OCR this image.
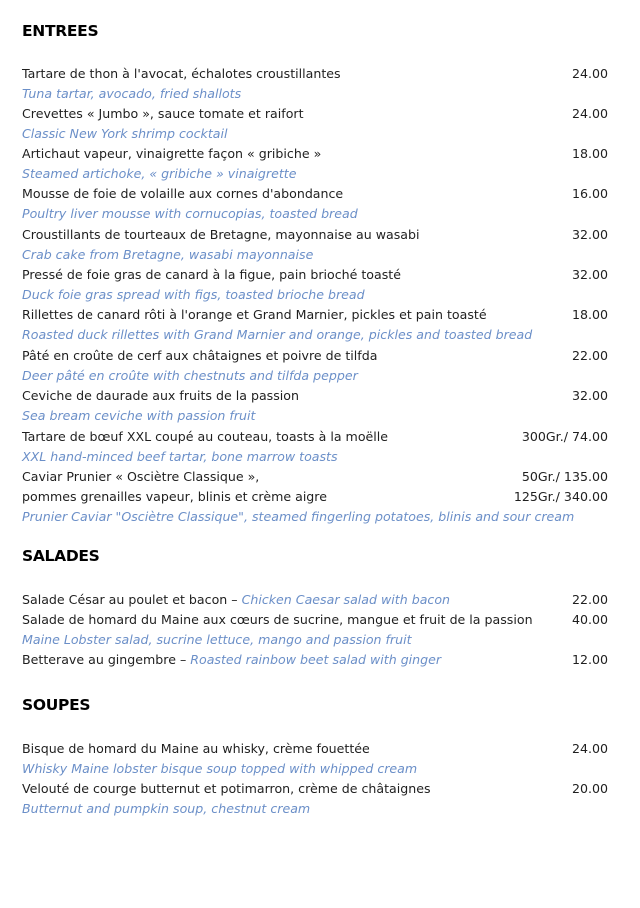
ENTREES
Tartare de thon à l'avocat, échalotes croustillantes	24.00
Tuna tartar, avocado, fried shallots
Crevettes « Jumbo », sauce tomate et raifort	24.00
Classic New York shrimp cocktail
Artichaut vapeur, vinaigrette façon « gribiche »	18.00
Steamed artichoke, « gribiche » vinaigrette
Mousse de foie de volaille aux cornes d'abondance	16.00
Poultry liver mousse with cornucopias, toasted bread
Croustillants de tourteaux de Bretagne, mayonnaise au wasabi	32.00
Crab cake from Bretagne, wasabi mayonnaise
Pressé de foie gras de canard à la figue, pain brioché toasté	32.00
Duck foie gras spread with figs, toasted brioche bread
Rillettes de canard rôti à l'orange et Grand Marnier, pickles et pain toasté	18.00
Roasted duck rillettes with Grand Marnier and orange, pickles and toasted bread
Pâté en croûte de cerf aux châtaignes et poivre de tilfda	22.00
Deer pâté en croûte with chestnuts and tilfda pepper
Ceviche de daurade aux fruits de la passion	32.00
Sea bream ceviche with passion fruit
Tartare de bœuf XXL coupé au couteau, toasts à la moëlle	300Gr./ 74.00
XXL hand-minced beef tartar, bone marrow toasts
Caviar Prunier « Osciètre Classique »,	50Gr./ 135.00
pommes grenailles vapeur, blinis et crème aigre	125Gr./ 340.00
Prunier Caviar "Osciètre Classique", steamed fingerling potatoes, blinis and sour cream
SALADES
Salade César au poulet et bacon – Chicken Caesar salad with bacon	22.00
Salade de homard du Maine aux cœurs de sucrine, mangue et fruit de la passion	40.00
Maine Lobster salad, sucrine lettuce, mango and passion fruit
Betterave au gingembre – Roasted rainbow beet salad with ginger	12.00
SOUPES
Bisque de homard du Maine au whisky, crème fouettée	24.00
Whisky Maine lobster bisque soup topped with whipped cream
Velouté de courge butternut et potimarron, crème de châtaignes	20.00
Butternut and pumpkin soup, chestnut cream
